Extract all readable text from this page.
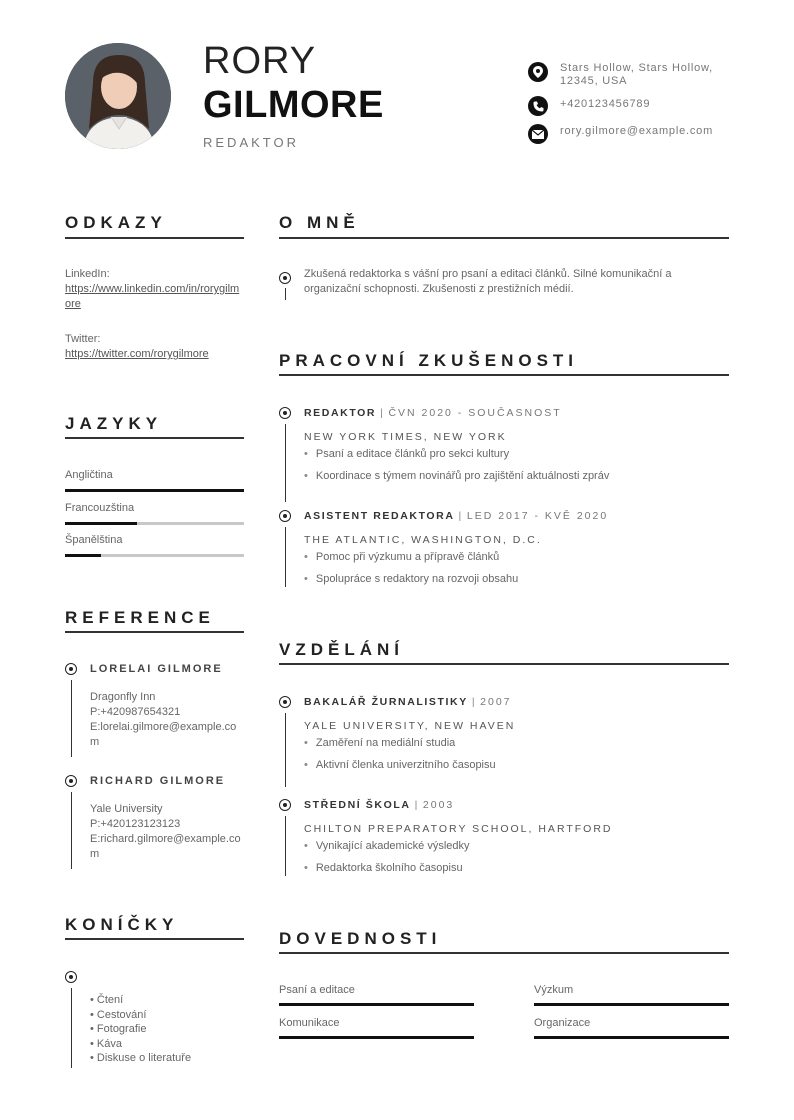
RORY
GILMORE
REDAKTOR
Stars Hollow, Stars Hollow, 12345, USA
+420123456789
rory.gilmore@example.com
ODKAZY
LinkedIn:
https://www.linkedin.com/in/rorygilmore
Twitter:
https://twitter.com/rorygilmore
JAZYKY
Angličtina
Francouzština
Španělština
REFERENCE
LORELAI GILMORE
Dragonfly Inn
P:+420987654321
E:lorelai.gilmore@example.com
RICHARD GILMORE
Yale University
P:+420123123123
E:richard.gilmore@example.com
KONÍČKY
• Čtení
• Cestování
• Fotografie
• Káva
• Diskuse o literatuře
O MNĚ
Zkušená redaktorka s vášní pro psaní a editaci článků. Silné komunikační a organizační schopnosti. Zkušenosti z prestižních médií.
PRACOVNÍ ZKUŠENOSTI
REDAKTOR | ČVN 2020 - SOUČASNOST
NEW YORK TIMES, NEW YORK
• Psaní a editace článků pro sekci kultury
• Koordinace s týmem novinářů pro zajištění aktuálnosti zpráv
ASISTENT REDAKTORA | LED 2017 - KVĚ 2020
THE ATLANTIC, WASHINGTON, D.C.
• Pomoc při výzkumu a přípravě článků
• Spolupráce s redaktory na rozvoji obsahu
VZDĚLÁNÍ
BAKALÁŘ ŽURNALISTIKY | 2007
YALE UNIVERSITY, NEW HAVEN
• Zaměření na mediální studia
• Aktivní členka univerzitního časopisu
STŘEDNÍ ŠKOLA | 2003
CHILTON PREPARATORY SCHOOL, HARTFORD
• Vynikající akademické výsledky
• Redaktorka školního časopisu
DOVEDNOSTI
Psaní a editace	Výzkum
Komunikace	Organizace
